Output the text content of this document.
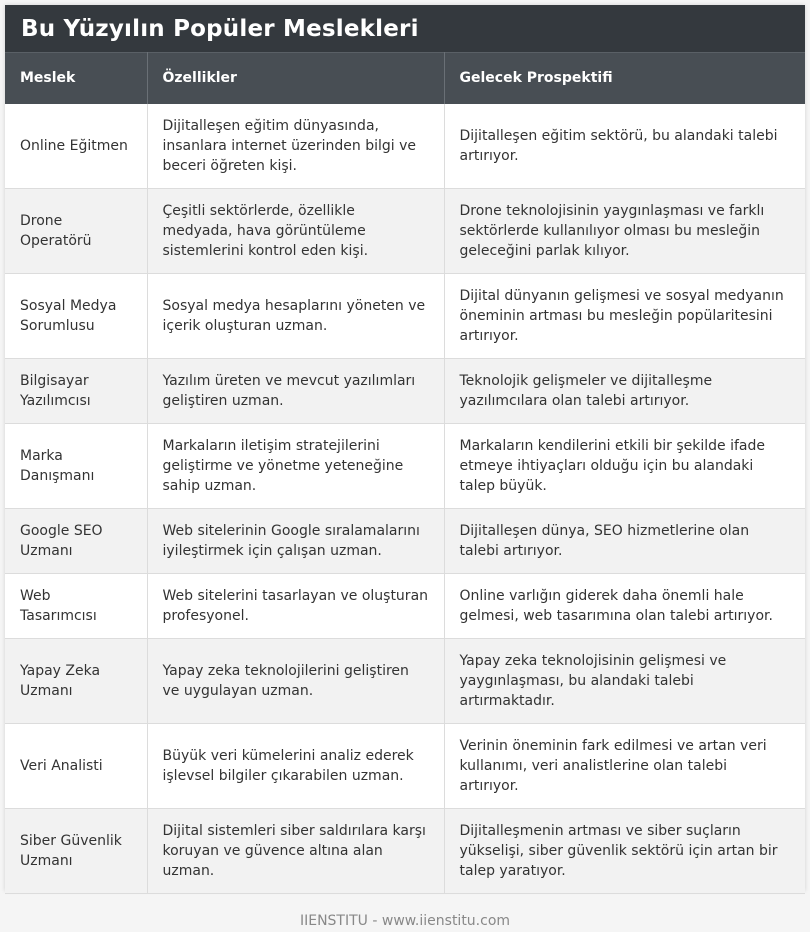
Bu Yüzyılın Popüler Meslekleri
Meslek	Özellikler	Gelecek Prospektifi
Online Eğitmen	Dijitalleşen eğitim dünyasında, insanlara internet üzerinden bilgi ve beceri öğreten kişi.	Dijitalleşen eğitim sektörü, bu alandaki talebi artırıyor.
Drone Operatörü	Çeşitli sektörlerde, özellikle medyada, hava görüntüleme sistemlerini kontrol eden kişi.	Drone teknolojisinin yaygınlaşması ve farklı sektörlerde kullanılıyor olması bu mesleğin geleceğini parlak kılıyor.
Sosyal Medya Sorumlusu	Sosyal medya hesaplarını yöneten ve içerik oluşturan uzman.	Dijital dünyanın gelişmesi ve sosyal medyanın öneminin artması bu mesleğin popülaritesini artırıyor.
Bilgisayar Yazılımcısı	Yazılım üreten ve mevcut yazılımları geliştiren uzman.	Teknolojik gelişmeler ve dijitalleşme yazılımcılara olan talebi artırıyor.
Marka Danışmanı	Markaların iletişim stratejilerini geliştirme ve yönetme yeteneğine sahip uzman.	Markaların kendilerini etkili bir şekilde ifade etmeye ihtiyaçları olduğu için bu alandaki talep büyük.
Google SEO Uzmanı	Web sitelerinin Google sıralamalarını iyileştirmek için çalışan uzman.	Dijitalleşen dünya, SEO hizmetlerine olan talebi artırıyor.
Web Tasarımcısı	Web sitelerini tasarlayan ve oluşturan profesyonel.	Online varlığın giderek daha önemli hale gelmesi, web tasarımına olan talebi artırıyor.
Yapay Zeka Uzmanı	Yapay zeka teknolojilerini geliştiren ve uygulayan uzman.	Yapay zeka teknolojisinin gelişmesi ve yaygınlaşması, bu alandaki talebi artırmaktadır.
Veri Analisti	Büyük veri kümelerini analiz ederek işlevsel bilgiler çıkarabilen uzman.	Verinin öneminin fark edilmesi ve artan veri kullanımı, veri analistlerine olan talebi artırıyor.
Siber Güvenlik Uzmanı	Dijital sistemleri siber saldırılara karşı koruyan ve güvence altına alan uzman.	Dijitalleşmenin artması ve siber suçların yükselişi, siber güvenlik sektörü için artan bir talep yaratıyor.
IIENSTITU - www.iienstitu.com
